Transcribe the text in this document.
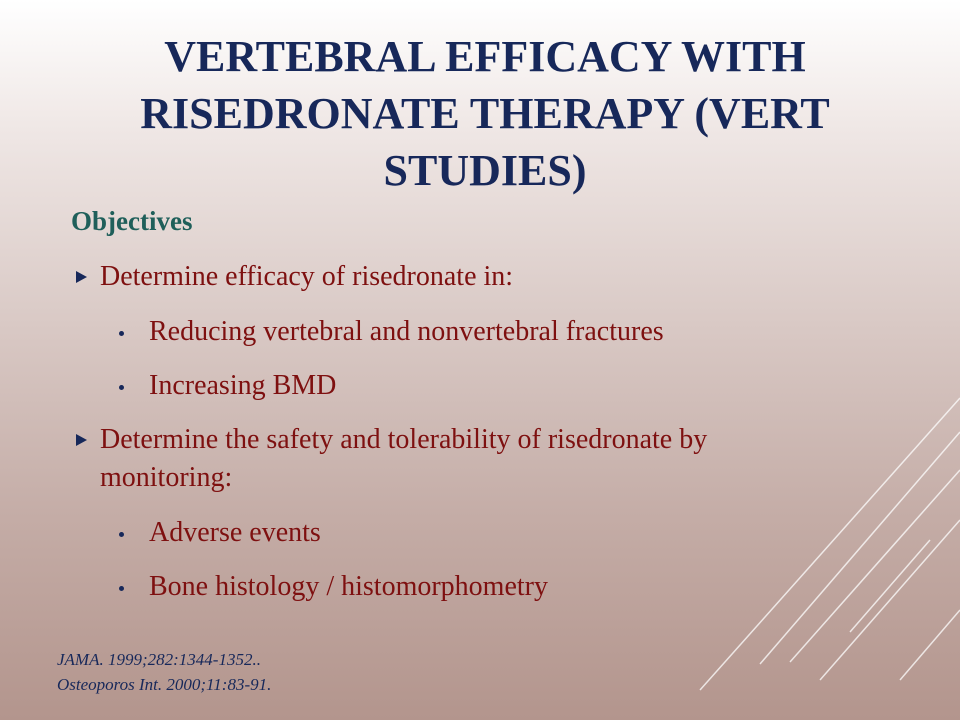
VERTEBRAL EFFICACY WITH RISEDRONATE THERAPY (VERT STUDIES)

Objectives

Determine efficacy of risedronate in:

Reducing vertebral and nonvertebral fractures

Increasing BMD

Determine the safety and tolerability of risedronate by

monitoring:

Adverse events

Bone histology / histomorphometry

JAMA. 1999;282:1344-1352..

Osteoporos Int. 2000;11:83-91.
